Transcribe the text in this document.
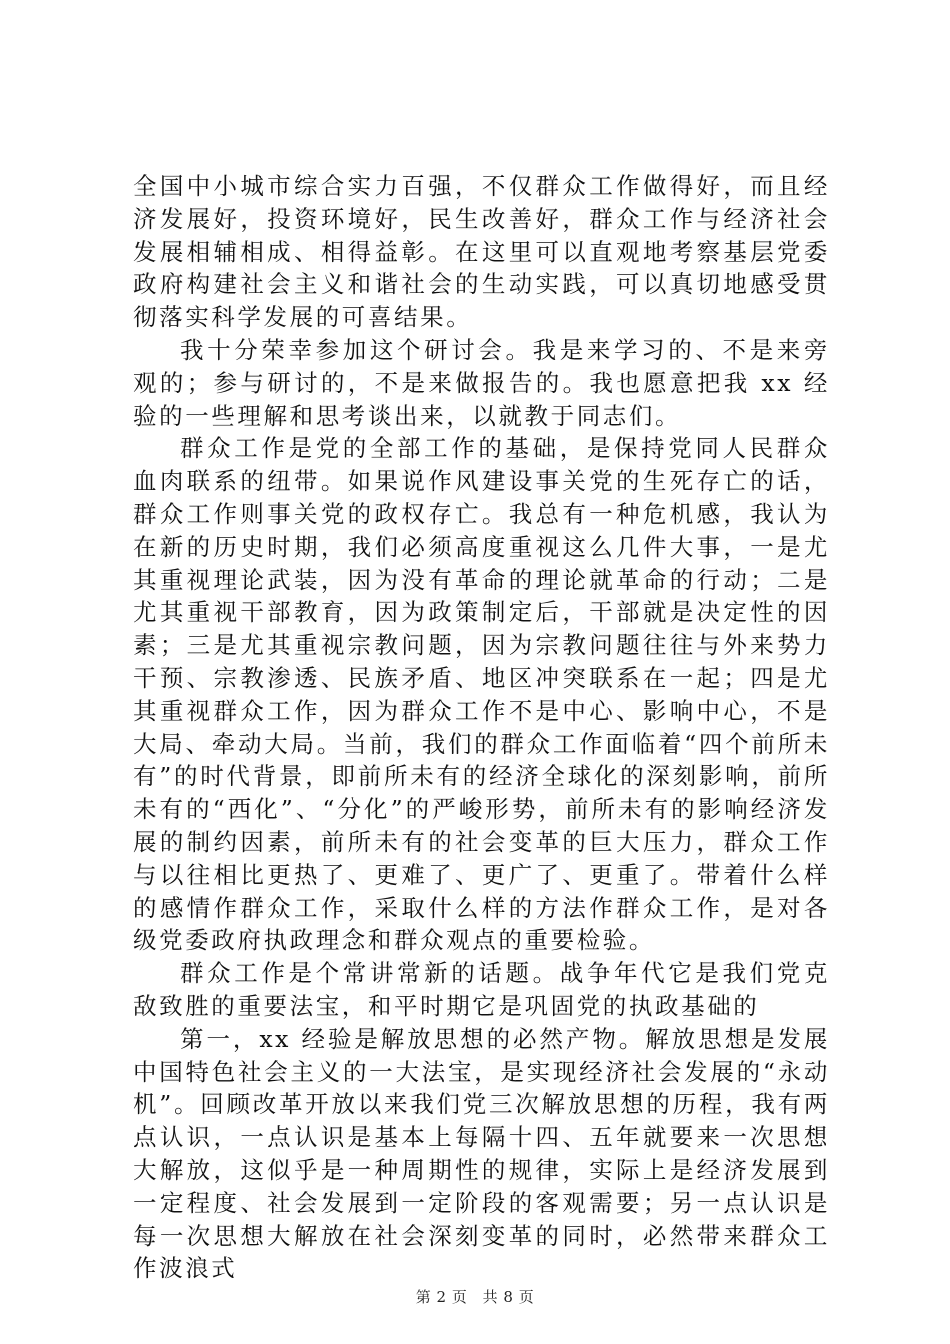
全国中小城市综合实力百强，不仅群众工作做得好，而且经济发展好，投资环境好，民生改善好，群众工作与经济社会发展相辅相成、相得益彰。在这里可以直观地考察基层党委政府构建社会主义和谐社会的生动实践，可以真切地感受贯彻落实科学发展的可喜结果。

我十分荣幸参加这个研讨会。我是来学习的、不是来旁观的；参与研讨的，不是来做报告的。我也愿意把我 xx 经验的一些理解和思考谈出来，以就教于同志们。

群众工作是党的全部工作的基础，是保持党同人民群众血肉联系的纽带。如果说作风建设事关党的生死存亡的话，群众工作则事关党的政权存亡。我总有一种危机感，我认为在新的历史时期，我们必须高度重视这么几件大事，一是尤其重视理论武装，因为没有革命的理论就革命的行动；二是尤其重视干部教育，因为政策制定后，干部就是决定性的因素；三是尤其重视宗教问题，因为宗教问题往往与外来势力干预、宗教渗透、民族矛盾、地区冲突联系在一起；四是尤其重视群众工作，因为群众工作不是中心、影响中心，不是大局、牵动大局。当前，我们的群众工作面临着“四个前所未有”的时代背景，即前所未有的经济全球化的深刻影响，前所未有的“西化”、“分化”的严峻形势，前所未有的影响经济发展的制约因素，前所未有的社会变革的巨大压力，群众工作与以往相比更热了、更难了、更广了、更重了。带着什么样的感情作群众工作，采取什么样的方法作群众工作，是对各级党委政府执政理念和群众观点的重要检验。

群众工作是个常讲常新的话题。战争年代它是我们党克敌致胜的重要法宝，和平时期它是巩固党的执政基础的

第一，xx 经验是解放思想的必然产物。解放思想是发展中国特色社会主义的一大法宝，是实现经济社会发展的“永动机”。回顾改革开放以来我们党三次解放思想的历程，我有两点认识，一点认识是基本上每隔十四、五年就要来一次思想大解放，这似乎是一种周期性的规律，实际上是经济发展到一定程度、社会发展到一定阶段的客观需要；另一点认识是每一次思想大解放在社会深刻变革的同时，必然带来群众工作波浪式

第 2 页 共 8 页
